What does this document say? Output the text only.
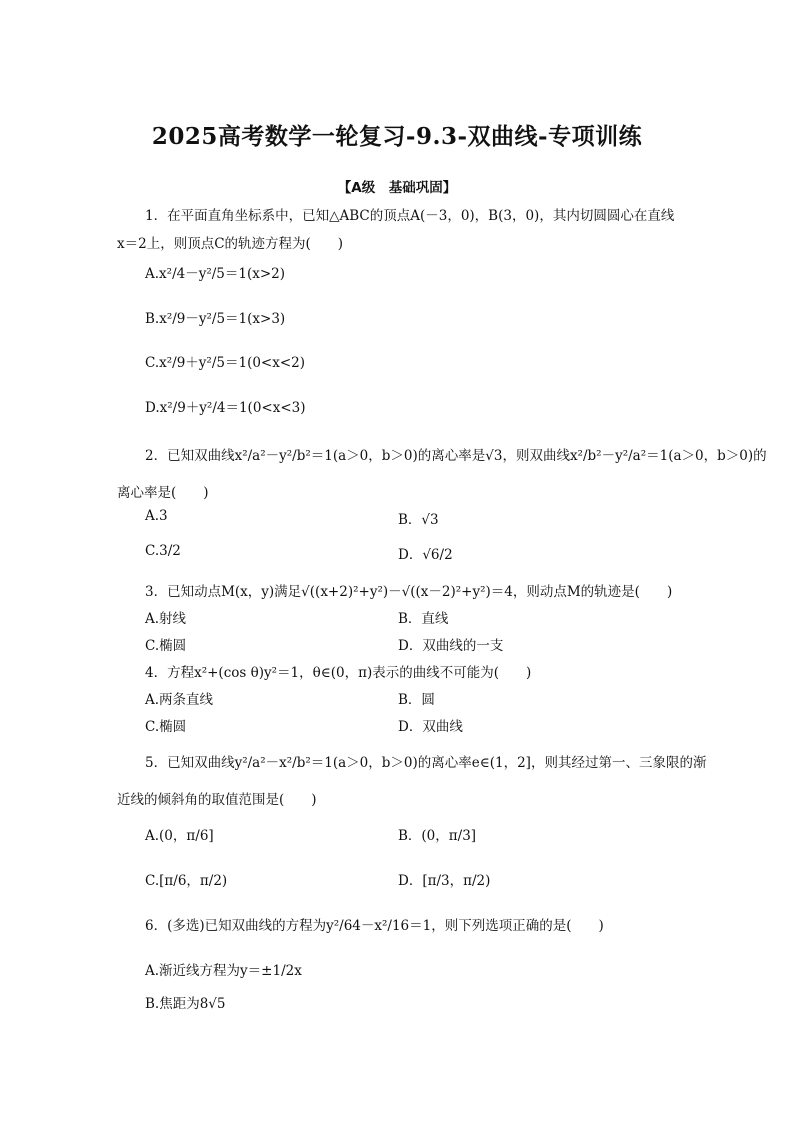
2025高考数学一轮复习-9.3-双曲线-专项训练
【A级　基础巩固】
1．在平面直角坐标系中，已知△ABC的顶点A(－3，0)，B(3，0)，其内切圆圆心在直线
x＝2上，则顶点C的轨迹方程为(　　)
A.x²/4－y²/5＝1(x>2)
B.x²/9－y²/5＝1(x>3)
C.x²/9＋y²/5＝1(0<x<2)
D.x²/9＋y²/4＝1(0<x<3)
2．已知双曲线x²/a²－y²/b²＝1(a＞0，b＞0)的离心率是√3，则双曲线x²/b²－y²/a²＝1(a＞0，b＞0)的
离心率是(　　)
A.3	B．√3
C.3/2	D．√6/2
3．已知动点M(x，y)满足√((x+2)²+y²)－√((x－2)²+y²)＝4，则动点M的轨迹是(　　)
A.射线	B．直线
C.椭圆	D．双曲线的一支
4．方程x²+(cos θ)y²＝1，θ∈(0，π)表示的曲线不可能为(　　)
A.两条直线	B．圆
C.椭圆	D．双曲线
5．已知双曲线y²/a²－x²/b²＝1(a＞0，b＞0)的离心率e∈(1，2]，则其经过第一、三象限的渐
近线的倾斜角的取值范围是(　　)
A.(0，π/6]	B．(0，π/3]
C.[π/6，π/2)	D．[π/3，π/2)
6．(多选)已知双曲线的方程为y²/64－x²/16＝1，则下列选项正确的是(　　)
A.渐近线方程为y＝±1/2x
B.焦距为8√5
